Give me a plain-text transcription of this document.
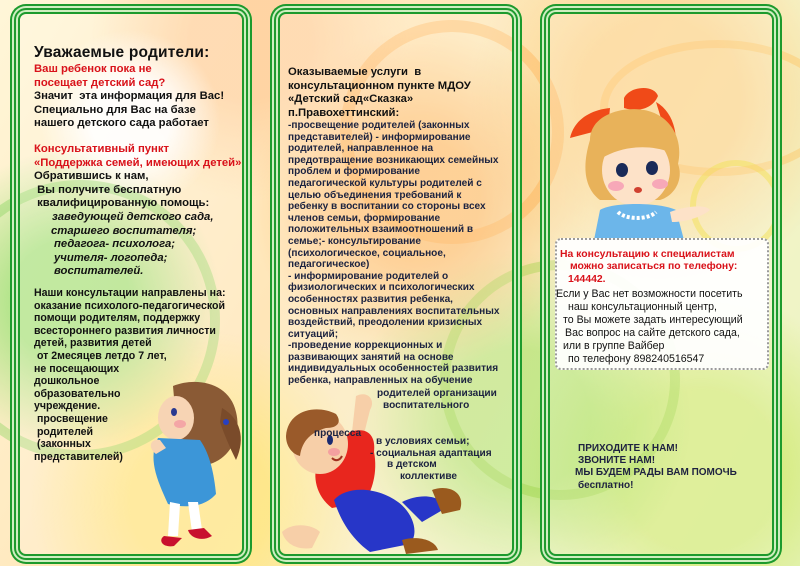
Уважаемые родители:
Ваш ребенок пока не
посещает детский сад?
Значит  эта информация для Вас!
Специально для Вас на базе
нашего детского сада работает
Консультативный пункт
«Поддержка семей, имеющих детей»
Обратившись к нам,
Вы получите бесплатную
квалифицированную помощь:
заведующей детского сада,
старшего воспитателя;
педагога- психолога;
учителя- логопеда;
воспитателей.
Наши консультации направлены на:
оказание психолого-педагогической
помощи родителям, поддержку
всестороннего развития личности
детей, развития детей
от 2месяцев летдо 7 лет,
не посещающих
дошкольное
образовательно
учреждение.
просвещение
родителей
(законных
представителей)
Оказываемые услуги  в
консультационном пункте МДОУ
«Детский сад«Сказка»
п.Правохеттинский:
-просвещение родителей (законных
представителей) - информирование
родителей, направленное на
предотвращение возникающих семейных
проблем и формирование
педагогической культуры родителей с
целью объединения требований к
ребенку в воспитании со стороны всех
членов семьи, формирование
положительных взаимоотношений в
семье;- консультирование
(психологическое, социальное,
педагогическое)
- информирование родителей о
физиологических и психологических
особенностях развития ребенка,
основных направлениях воспитательных
воздействий, преодолении кризисных
ситуаций;
-проведение коррекционных и
развивающих занятий на основе
индивидуальных особенностей развития
ребенка, направленных на обучение
родителей организации
воспитательного
процесса
в условиях семьи;
- социальная адаптация
в детском
коллективе
На консультацию к специалистам
можно записаться по телефону:
144442.
Если у Вас нет возможности посетить
наш консультационный центр,
то Вы можете задать интересующий
Вас вопрос на сайте детского сада,
или в группе Вайбер
по телефону 898240516547
ПРИХОДИТЕ К НАМ!
ЗВОНИТЕ НАМ!
МЫ БУДЕМ РАДЫ ВАМ ПОМОЧЬ
бесплатно!
